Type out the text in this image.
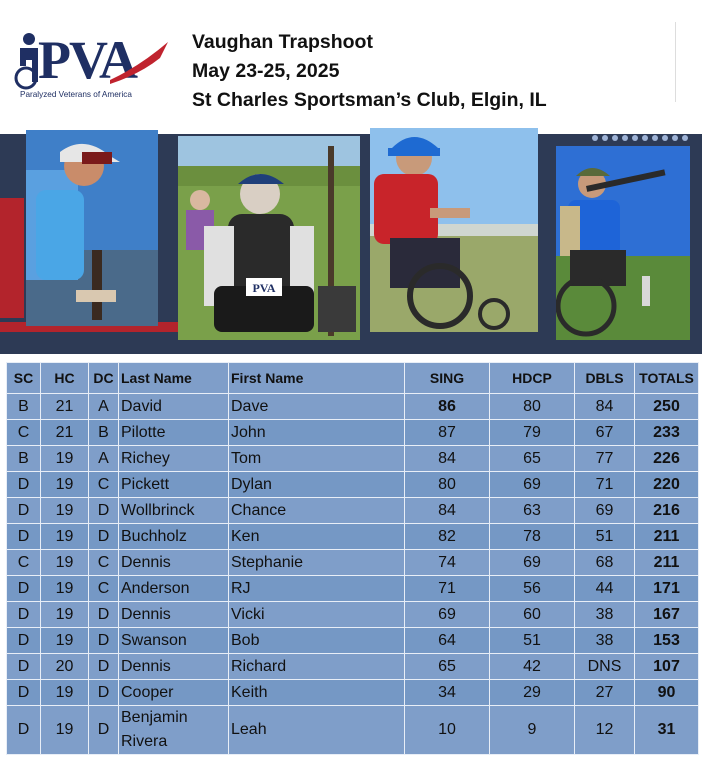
PVA
Paralyzed Veterans of America
Vaughan Trapshoot
May 23-25, 2025
St Charles Sportsman’s Club, Elgin, IL
PVA
SC	HC	DC	Last Name	First Name	SING	HDCP	DBLS	TOTALS
B	21	A	David	Dave	86	80	84	250
C	21	B	Pilotte	John	87	79	67	233
B	19	A	Richey	Tom	84	65	77	226
D	19	C	Pickett	Dylan	80	69	71	220
D	19	D	Wollbrinck	Chance	84	63	69	216
D	19	D	Buchholz	Ken	82	78	51	211
C	19	C	Dennis	Stephanie	74	69	68	211
D	19	C	Anderson	RJ	71	56	44	171
D	19	D	Dennis	Vicki	69	60	38	167
D	19	D	Swanson	Bob	64	51	38	153
D	20	D	Dennis	Richard	65	42	DNS	107
D	19	D	Cooper	Keith	34	29	27	90
D	19	D	Benjamin Rivera	Leah	10	9	12	31
